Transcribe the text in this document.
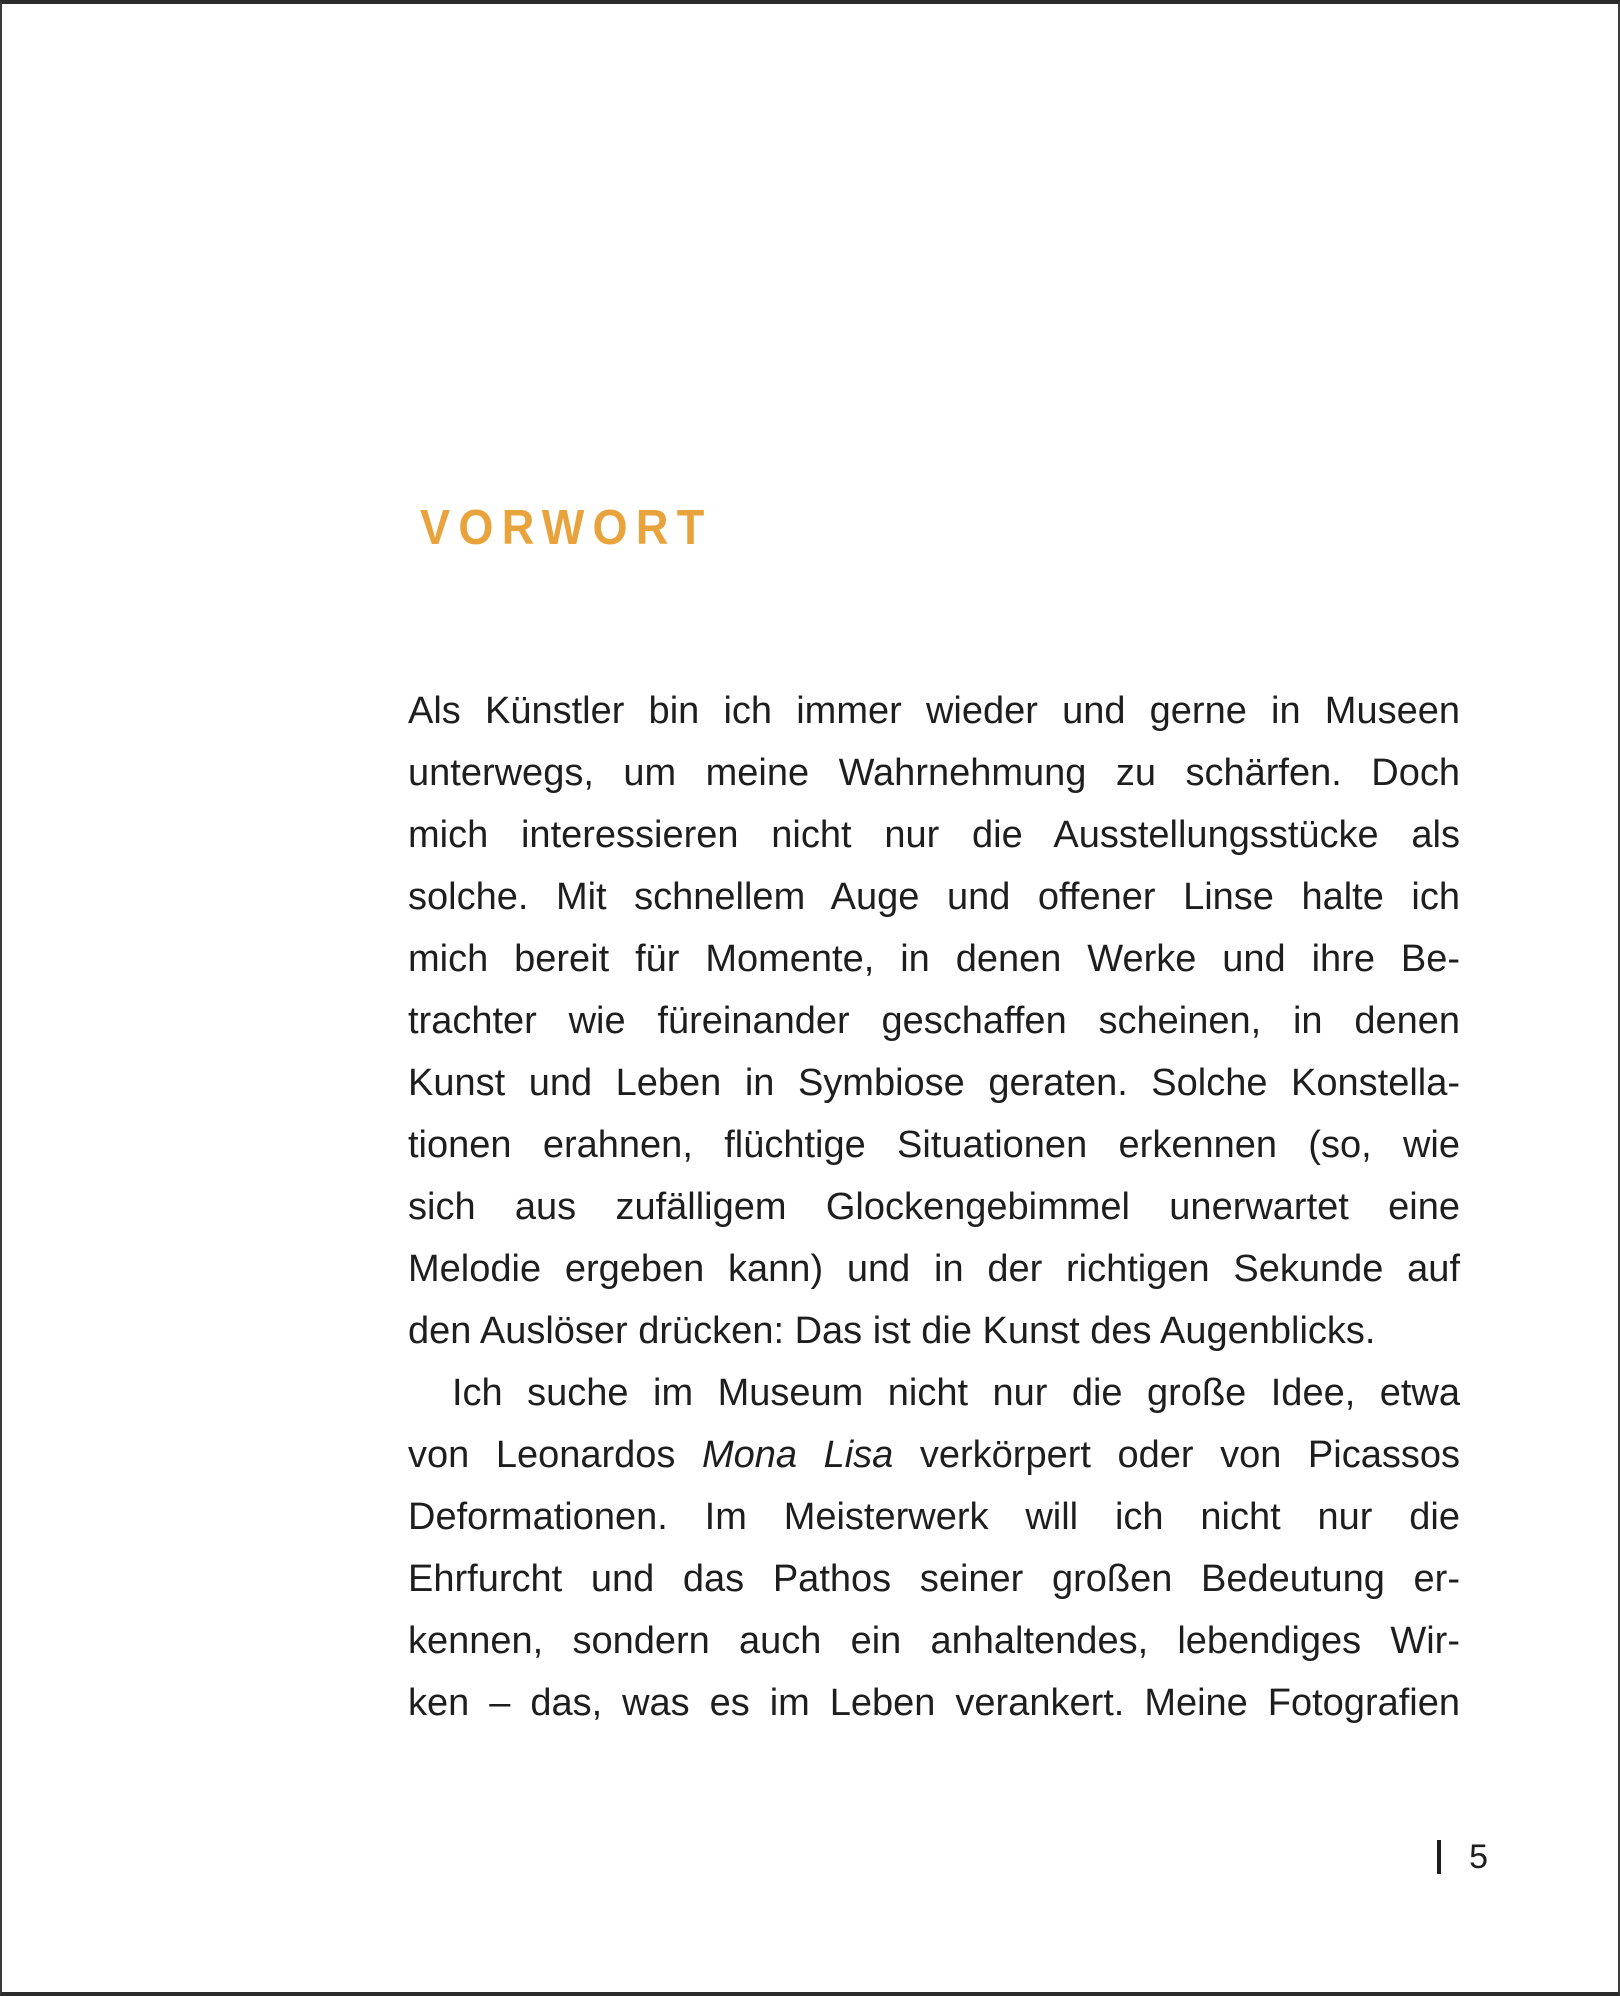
VORWORT
Als Künstler bin ich immer wieder und gerne in Museen
unterwegs, um meine Wahrnehmung zu schärfen. Doch
mich interessieren nicht nur die Ausstellungsstücke als
solche. Mit schnellem Auge und offener Linse halte ich
mich bereit für Momente, in denen Werke und ihre Be-
trachter wie füreinander geschaffen scheinen, in denen
Kunst und Leben in Symbiose geraten. Solche Konstella-
tionen erahnen, flüchtige Situationen erkennen (so, wie
sich aus zufälligem Glockengebimmel unerwartet eine
Melodie ergeben kann) und in der richtigen Sekunde auf
den Auslöser drücken: Das ist die Kunst des Augenblicks.
Ich suche im Museum nicht nur die große Idee, etwa
von Leonardos Mona Lisa verkörpert oder von Picassos
Deformationen. Im Meisterwerk will ich nicht nur die
Ehrfurcht und das Pathos seiner großen Bedeutung er-
kennen, sondern auch ein anhaltendes, lebendiges Wir-
ken – das, was es im Leben verankert. Meine Fotografien
5
